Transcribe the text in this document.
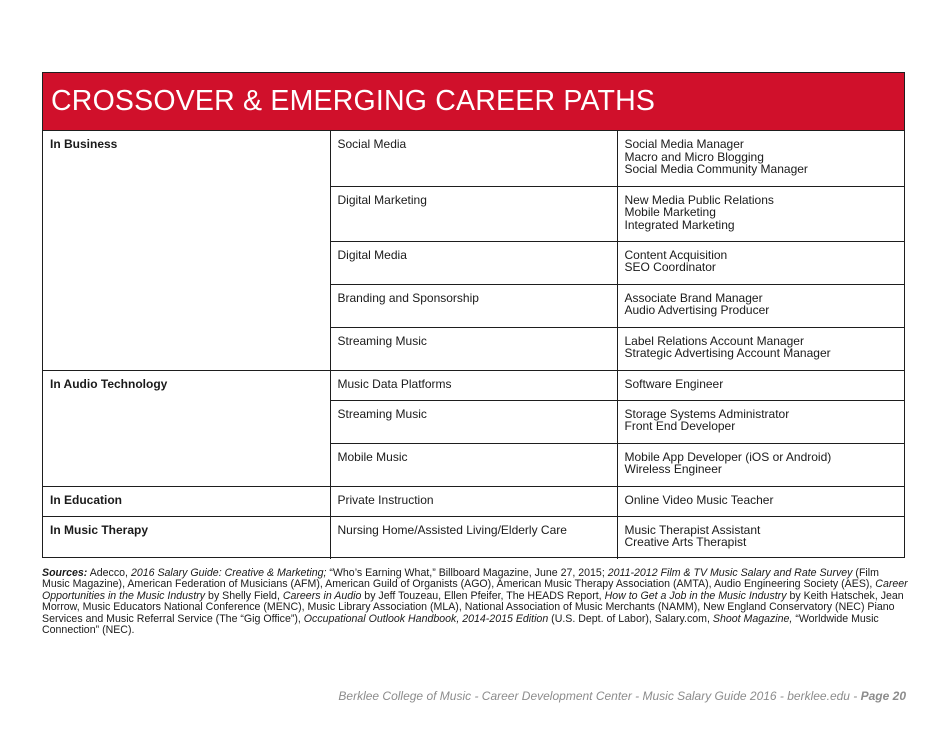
CROSSOVER & EMERGING CAREER PATHS
In Business	Social Media	Social Media Manager
Macro and Micro Blogging
Social Media Community Manager

	Digital Marketing	New Media Public Relations
Mobile Marketing
Integrated Marketing

	Digital Media	Content Acquisition
SEO Coordinator

	Branding and Sponsorship	Associate Brand Manager
Audio Advertising Producer

	Streaming Music	Label Relations Account Manager
Strategic Advertising Account Manager

In Audio Technology	Music Data Platforms	Software Engineer

	Streaming Music	Storage Systems Administrator
Front End Developer

	Mobile Music	Mobile App Developer (iOS or Android)
Wireless Engineer

In Education	Private Instruction	Online Video Music Teacher

In Music Therapy	Nursing Home/Assisted Living/Elderly Care	Music Therapist Assistant
Creative Arts Therapist
Sources: Adecco, 2016 Salary Guide: Creative & Marketing; “Who’s Earning What,” Billboard Magazine, June 27, 2015; 2011-2012 Film & TV Music Salary and Rate Survey (Film Music Magazine), American Federation of Musicians (AFM), American Guild of Organists (AGO), American Music Therapy Association (AMTA), Audio Engineering Society (AES), Career Opportunities in the Music Industry by Shelly Field, Careers in Audio by Jeff Touzeau, Ellen Pfeifer, The HEADS Report, How to Get a Job in the Music Industry by Keith Hatschek, Jean Morrow, Music Educators National Conference (MENC), Music Library Association (MLA), National Association of Music Merchants (NAMM), New England Conservatory (NEC) Piano Services and Music Referral Service (The “Gig Office”), Occupational Outlook Handbook, 2014-2015 Edition (U.S. Dept. of Labor), Salary.com, Shoot Magazine, “Worldwide Music Connection” (NEC).
Berklee College of Music - Career Development Center - Music Salary Guide 2016 - berklee.edu - Page 20
